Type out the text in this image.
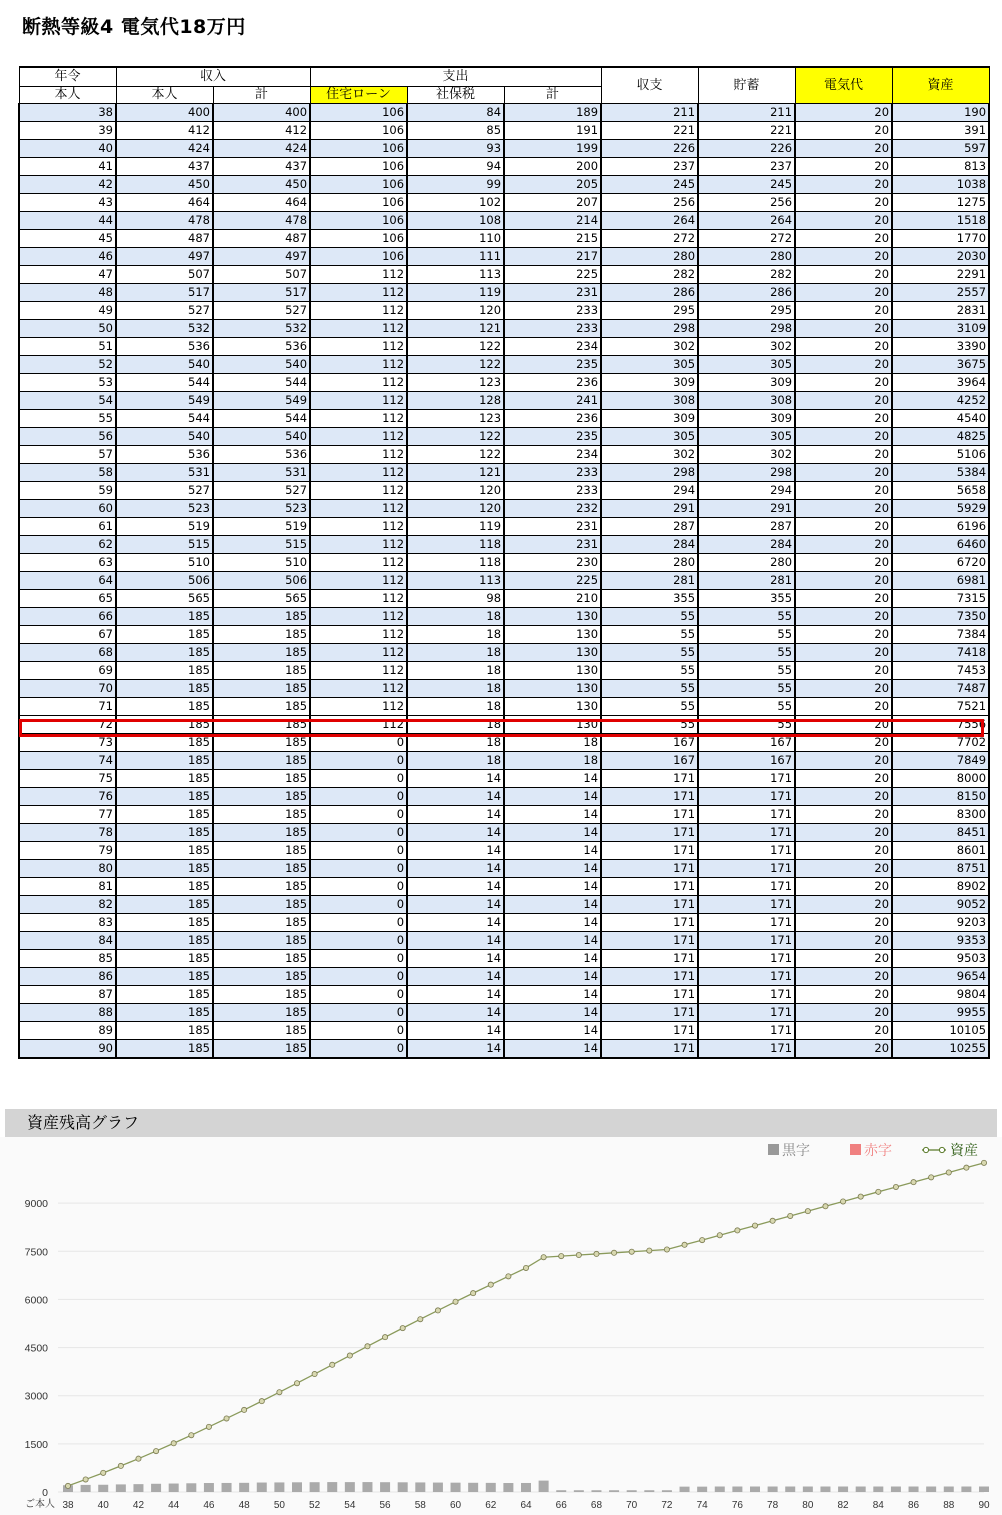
断熱等級4 電気代18万円
年令	収入		支出			収支	貯蓄	電気代	資産
本人	本人	計	住宅ローン	社保税	計				
38	400	400	106	84	189	211	211	20	190
39	412	412	106	85	191	221	221	20	391
40	424	424	106	93	199	226	226	20	597
41	437	437	106	94	200	237	237	20	813
42	450	450	106	99	205	245	245	20	1038
43	464	464	106	102	207	256	256	20	1275
44	478	478	106	108	214	264	264	20	1518
45	487	487	106	110	215	272	272	20	1770
46	497	497	106	111	217	280	280	20	2030
47	507	507	112	113	225	282	282	20	2291
48	517	517	112	119	231	286	286	20	2557
49	527	527	112	120	233	295	295	20	2831
50	532	532	112	121	233	298	298	20	3109
51	536	536	112	122	234	302	302	20	3390
52	540	540	112	122	235	305	305	20	3675
53	544	544	112	123	236	309	309	20	3964
54	549	549	112	128	241	308	308	20	4252
55	544	544	112	123	236	309	309	20	4540
56	540	540	112	122	235	305	305	20	4825
57	536	536	112	122	234	302	302	20	5106
58	531	531	112	121	233	298	298	20	5384
59	527	527	112	120	233	294	294	20	5658
60	523	523	112	120	232	291	291	20	5929
61	519	519	112	119	231	287	287	20	6196
62	515	515	112	118	231	284	284	20	6460
63	510	510	112	118	230	280	280	20	6720
64	506	506	112	113	225	281	281	20	6981
65	565	565	112	98	210	355	355	20	7315
66	185	185	112	18	130	55	55	20	7350
67	185	185	112	18	130	55	55	20	7384
68	185	185	112	18	130	55	55	20	7418
69	185	185	112	18	130	55	55	20	7453
70	185	185	112	18	130	55	55	20	7487
71	185	185	112	18	130	55	55	20	7521
72	185	185	112	18	130	55	55	20	7556
73	185	185	0	18	18	167	167	20	7702
74	185	185	0	18	18	167	167	20	7849
75	185	185	0	14	14	171	171	20	8000
76	185	185	0	14	14	171	171	20	8150
77	185	185	0	14	14	171	171	20	8300
78	185	185	0	14	14	171	171	20	8451
79	185	185	0	14	14	171	171	20	8601
80	185	185	0	14	14	171	171	20	8751
81	185	185	0	14	14	171	171	20	8902
82	185	185	0	14	14	171	171	20	9052
83	185	185	0	14	14	171	171	20	9203
84	185	185	0	14	14	171	171	20	9353
85	185	185	0	14	14	171	171	20	9503
86	185	185	0	14	14	171	171	20	9654
87	185	185	0	14	14	171	171	20	9804
88	185	185	0	14	14	171	171	20	9955
89	185	185	0	14	14	171	171	20	10105
90	185	185	0	14	14	171	171	20	10255
資産残高グラフ
0
1500
3000
4500
6000
7500
9000
38 40 42 44 46 48 50 52 54 56 58 60 62 64 66 68 70 72 74 76 78 80 82 84 86 88 90
ご本人
黒字	赤字	資産
